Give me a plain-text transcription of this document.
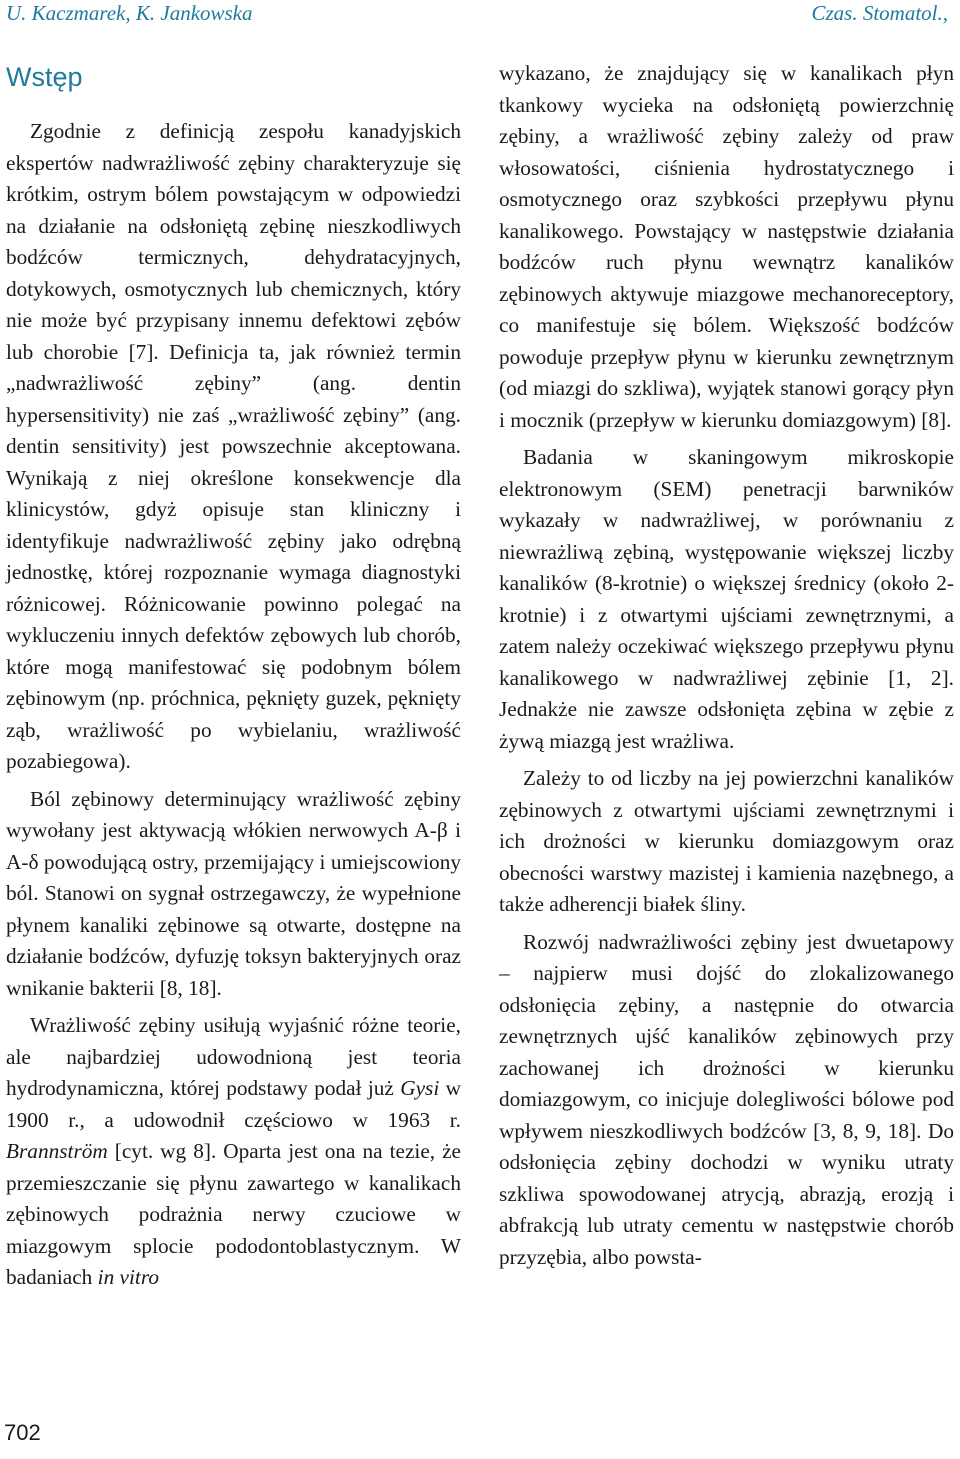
U. Kaczmarek, K. Jankowska	Czas. Stomatol.,
Wstęp

Zgodnie z definicją zespołu kanadyjskich ekspertów nadwrażliwość zębiny charakteryzuje się krótkim, ostrym bólem powstającym w odpowiedzi na działanie na odsłoniętą zębinę nieszkodliwych bodźców termicznych, dehydratacyjnych, dotykowych, osmotycznych lub chemicznych, który nie może być przypisany innemu defektowi zębów lub chorobie [7]. Definicja ta, jak również termin „nadwrażliwość zębiny” (ang. dentin hypersensitivity) nie zaś „wrażliwość zębiny” (ang. dentin sensitivity) jest powszechnie akceptowana. Wynikają z niej określone konsekwencje dla klinicystów, gdyż opisuje stan kliniczny i identyfikuje nadwrażliwość zębiny jako odrębną jednostkę, której rozpoznanie wymaga diagnostyki różnicowej. Różnicowanie powinno polegać na wykluczeniu innych defektów zębowych lub chorób, które mogą manifestować się podobnym bólem zębinowym (np. próchnica, pęknięty guzek, pęknięty ząb, wrażliwość po wybielaniu, wrażliwość pozabiegowa).

Ból zębinowy determinujący wrażliwość zębiny wywołany jest aktywacją włókien nerwowych A-β i A-δ powodującą ostry, przemijający i umiejscowiony ból. Stanowi on sygnał ostrzegawczy, że wypełnione płynem kanaliki zębinowe są otwarte, dostępne na działanie bodźców, dyfuzję toksyn bakteryjnych oraz wnikanie bakterii [8, 18].

Wrażliwość zębiny usiłują wyjaśnić różne teorie, ale najbardziej udowodnioną jest teoria hydrodynamiczna, której podstawy podał już Gysi w 1900 r., a udowodnił częściowo w 1963 r. Brannström [cyt. wg 8]. Oparta jest ona na tezie, że przemieszczanie się płynu zawartego w kanalikach zębinowych podrażnia nerwy czuciowe w miazgowym splocie pododontoblastycznym. W badaniach in vitro

wykazano, że znajdujący się w kanalikach płyn tkankowy wycieka na odsłoniętą powierzchnię zębiny, a wrażliwość zębiny zależy od praw włosowatości, ciśnienia hydrostatycznego i osmotycznego oraz szybkości przepływu płynu kanalikowego. Powstający w następstwie działania bodźców ruch płynu wewnątrz kanalików zębinowych aktywuje miazgowe mechanoreceptory, co manifestuje się bólem. Większość bodźców powoduje przepływ płynu w kierunku zewnętrznym (od miazgi do szkliwa), wyjątek stanowi gorący płyn i mocznik (przepływ w kierunku domiazgowym) [8].

Badania w skaningowym mikroskopie elektronowym (SEM) penetracji barwników wykazały w nadwrażliwej, w porównaniu z niewrażliwą zębiną, występowanie większej liczby kanalików (8-krotnie) o większej średnicy (około 2-krotnie) i z otwartymi ujściami zewnętrznymi, a zatem należy oczekiwać większego przepływu płynu kanalikowego w nadwrażliwej zębinie [1, 2]. Jednakże nie zawsze odsłonięta zębina w zębie z żywą miazgą jest wrażliwa.

Zależy to od liczby na jej powierzchni kanalików zębinowych z otwartymi ujściami zewnętrznymi i ich drożności w kierunku domiazgowym oraz obecności warstwy mazistej i kamienia nazębnego, a także adherencji białek śliny.

Rozwój nadwrażliwości zębiny jest dwuetapowy – najpierw musi dojść do zlokalizowanego odsłonięcia zębiny, a następnie do otwarcia zewnętrznych ujść kanalików zębinowych przy zachowanej ich drożności w kierunku domiazgowym, co inicjuje dolegliwości bólowe pod wpływem nieszkodliwych bodźców [3, 8, 9, 18]. Do odsłonięcia zębiny dochodzi w wyniku utraty szkliwa spowodowanej atrycją, abrazją, erozją i abfrakcją lub utraty cementu w następstwie chorób przyzębia, albo powsta-

702
